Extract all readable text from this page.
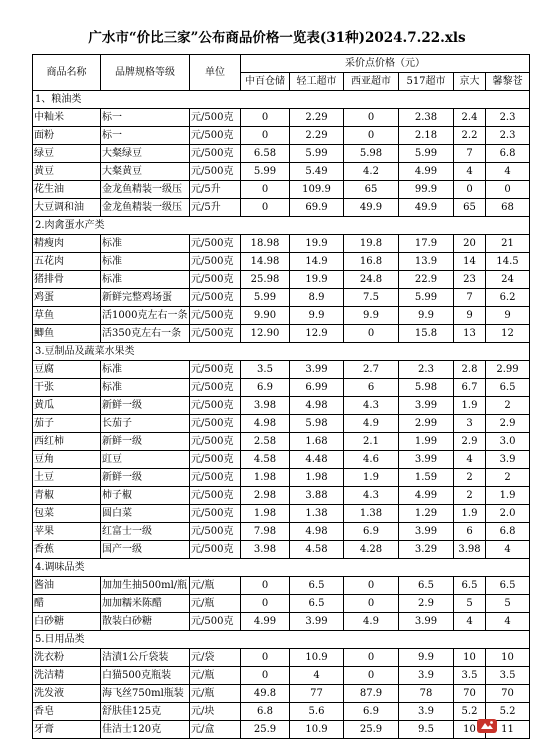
广水市“价比三家”公布商品价格一览表(31种)2024.7.22.xls
商品名称	品牌规格等级	单位	采价点价格（元）					
			中百仓储	轻工超市	西亚超市	517超市	京大	馨黎苍
1、粮油类								
中籼米	标一	元/500克	0	2.29	0	2.38	2.4	2.3
面粉	标一	元/500克	0	2.29	0	2.18	2.2	2.3
绿豆	大粲绿豆	元/500克	6.58	5.99	5.98	5.99	7	6.8
黄豆	大粲黄豆	元/500克	5.99	5.49	4.2	4.99	4	4
花生油	金龙鱼精装一级压	元/5升	0	109.9	65	99.9	0	0
大豆调和油	金龙鱼精装一级压	元/5升	0	69.9	49.9	49.9	65	68
2.肉禽蛋水产类								
精瘦肉	标准	元/500克	18.98	19.9	19.8	17.9	20	21
五花肉	标准	元/500克	14.98	14.9	16.8	13.9	14	14.5
猪排骨	标准	元/500克	25.98	19.9	24.8	22.9	23	24
鸡蛋	新鲜完整鸡场蛋	元/500克	5.99	8.9	7.5	5.99	7	6.2
草鱼	活1000克左右一条	元/500克	9.90	9.9	9.9	9.9	9	9
鲫鱼	活350克左右一条	元/500克	12.90	12.9	0	15.8	13	12
3.豆制品及蔬菜水果类								
豆腐	标准	元/500克	3.5	3.99	2.7	2.3	2.8	2.99
干张	标准	元/500克	6.9	6.99	6	5.98	6.7	6.5
黄瓜	新鲜一级	元/500克	3.98	4.98	4.3	3.99	1.9	2
茄子	长茄子	元/500克	4.98	5.98	4.9	2.99	3	2.9
西红柿	新鲜一级	元/500克	2.58	1.68	2.1	1.99	2.9	3.0
豆角	豇豆	元/500克	4.58	4.48	4.6	3.99	4	3.9
土豆	新鲜一级	元/500克	1.98	1.98	1.9	1.59	2	2
青椒	柿子椒	元/500克	2.98	3.88	4.3	4.99	2	1.9
包菜	圆白菜	元/500克	1.98	1.38	1.38	1.29	1.9	2.0
苹果	红富士一级	元/500克	7.98	4.98	6.9	3.99	6	6.8
香蕉	国产一级	元/500克	3.98	4.58	4.28	3.29	3.98	4
4.调味品类								
酱油	加加生抽500ml/瓶	元/瓶	0	6.5	0	6.5	6.5	6.5
醋	加加糯米陈醋	元/瓶	0	6.5	0	2.9	5	5
白砂糖	散装白砂糖	元/500克	4.99	3.99	4.9	3.99	4	4
5.日用品类								
洗衣粉	洁漬1公斤袋装	元/袋	0	10.9	0	9.9	10	10
洗洁精	白猫500克瓶装	元/瓶	0	4	0	3.9	3.5	3.5
洗发液	海飞丝750ml瓶装	元/瓶	49.8	77	87.9	78	70	70
香皂	舒肤佳125克	元/块	6.8	5.6	6.9	3.9	5.2	5.2
牙膏	佳洁士120克	元/盒	25.9	10.9	25.9	9.5	10	11
